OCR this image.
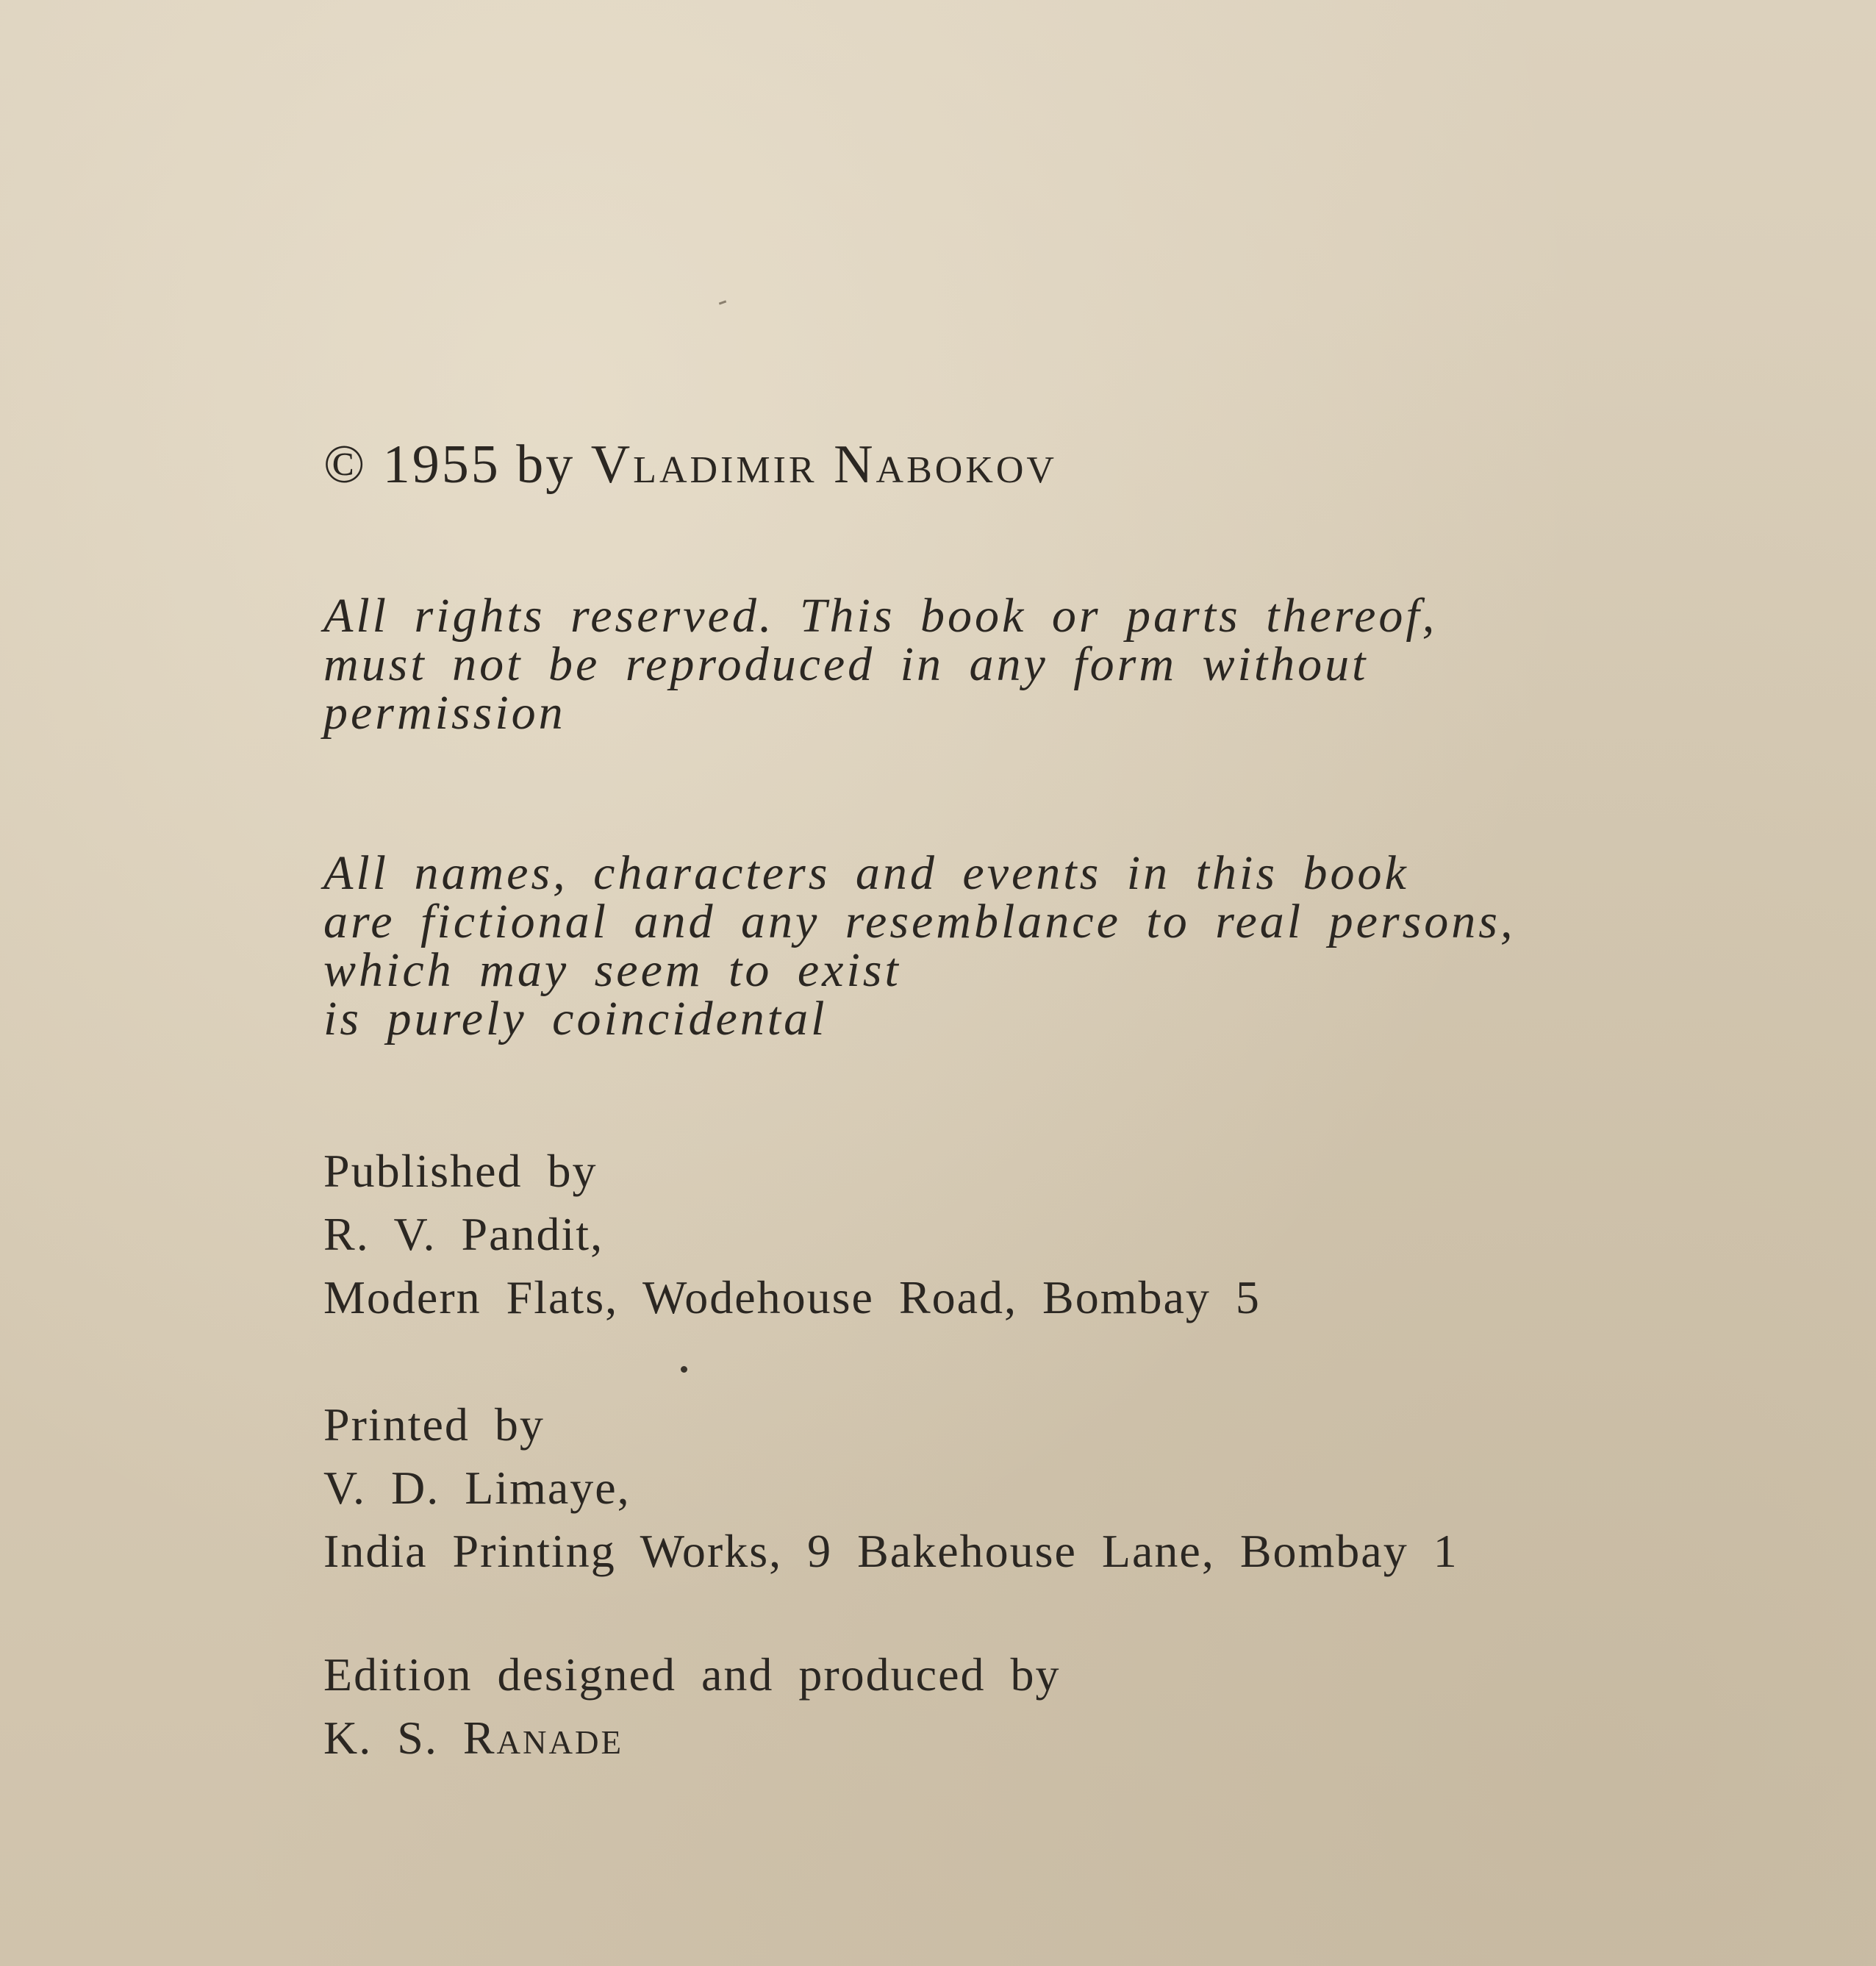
© 1955 by Vladimir Nabokov
All rights reserved. This book or parts thereof,
must not be reproduced in any form without
permission
All names, characters and events in this book
are fictional and any resemblance to real persons,
which may seem to exist
is purely coincidental
Published by
R. V. Pandit,
Modern Flats, Wodehouse Road, Bombay 5
Printed by
V. D. Limaye,
India Printing Works, 9 Bakehouse Lane, Bombay 1
Edition designed and produced by
K. S. Ranade
